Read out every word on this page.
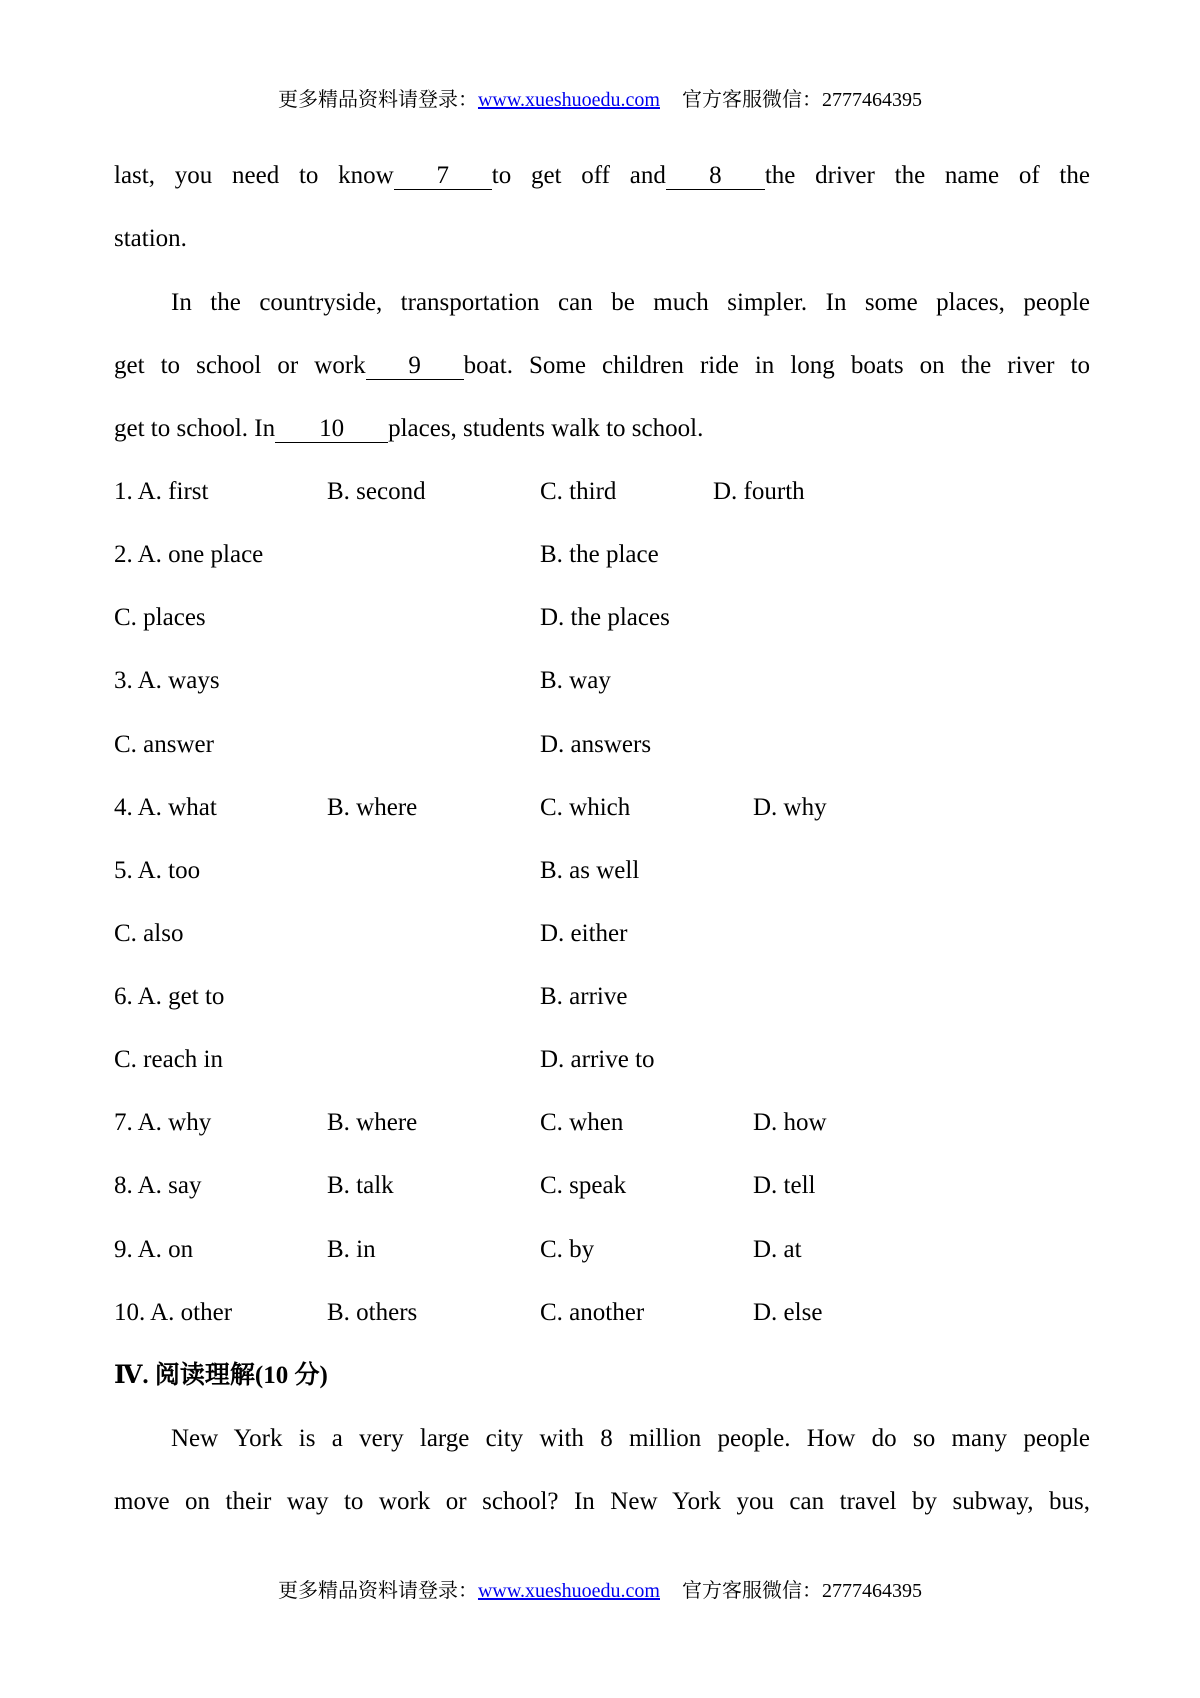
更多精品资料请登录：www.xueshuoedu.com 官方客服微信：2777464395
last, you need to know 7 to get off and 8 the driver the name of the
station.
In the countryside, transportation can be much simpler. In some places, people
get to school or work 9 boat. Some children ride in long boats on the river to
get to school. In 10 places, students walk to school.
1. A. first	B. second	C. third	D. fourth
2. A. one place	B. the place
C. places	D. the places
3. A. ways	B. way
C. answer	D. answers
4. A. what	B. where	C. which	D. why
5. A. too	B. as well
C. also	D. either
6. A. get to	B. arrive
C. reach in	D. arrive to
7. A. why	B. where	C. when	D. how
8. A. say	B. talk	C. speak	D. tell
9. A. on	B. in	C. by	D. at
10. A. other	B. others	C. another	D. else
Ⅳ. 阅读理解(10 分)
New York is a very large city with 8 million people. How do so many people
move on their way to work or school? In New York you can travel by subway, bus,
更多精品资料请登录：www.xueshuoedu.com 官方客服微信：2777464395
